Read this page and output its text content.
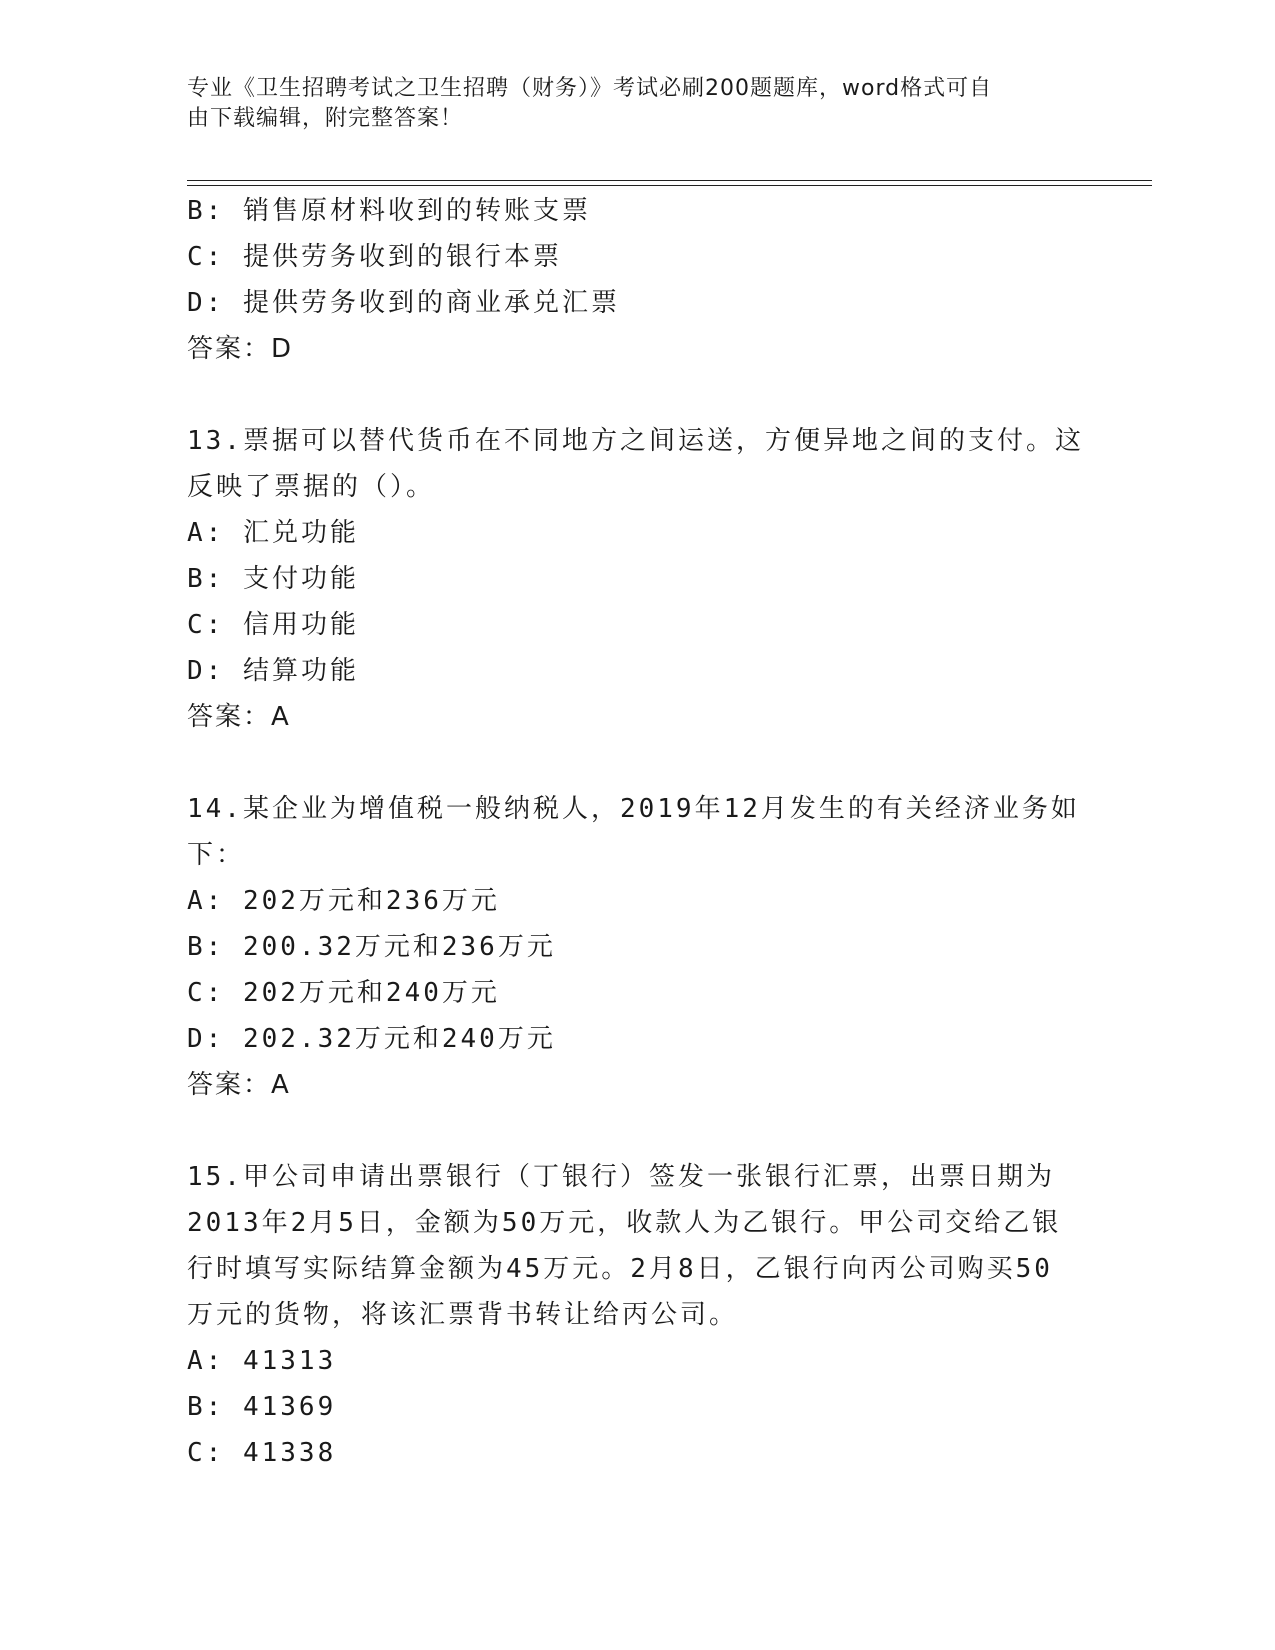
专业《卫生招聘考试之卫生招聘（财务）》考试必刷200题题库，word格式可自
由下载编辑，附完整答案！
B: 销售原材料收到的转账支票
C: 提供劳务收到的银行本票
D: 提供劳务收到的商业承兑汇票
答案：D
13.票据可以替代货币在不同地方之间运送，方便异地之间的支付。这
反映了票据的（）。
A: 汇兑功能
B: 支付功能
C: 信用功能
D: 结算功能
答案：A
14.某企业为增值税一般纳税人，2019年12月发生的有关经济业务如
下：
A: 202万元和236万元
B: 200.32万元和236万元
C: 202万元和240万元
D: 202.32万元和240万元
答案：A
15.甲公司申请出票银行（丁银行）签发一张银行汇票，出票日期为
2013年2月5日，金额为50万元，收款人为乙银行。甲公司交给乙银
行时填写实际结算金额为45万元。2月8日，乙银行向丙公司购买50
万元的货物，将该汇票背书转让给丙公司。
A: 41313
B: 41369
C: 41338
